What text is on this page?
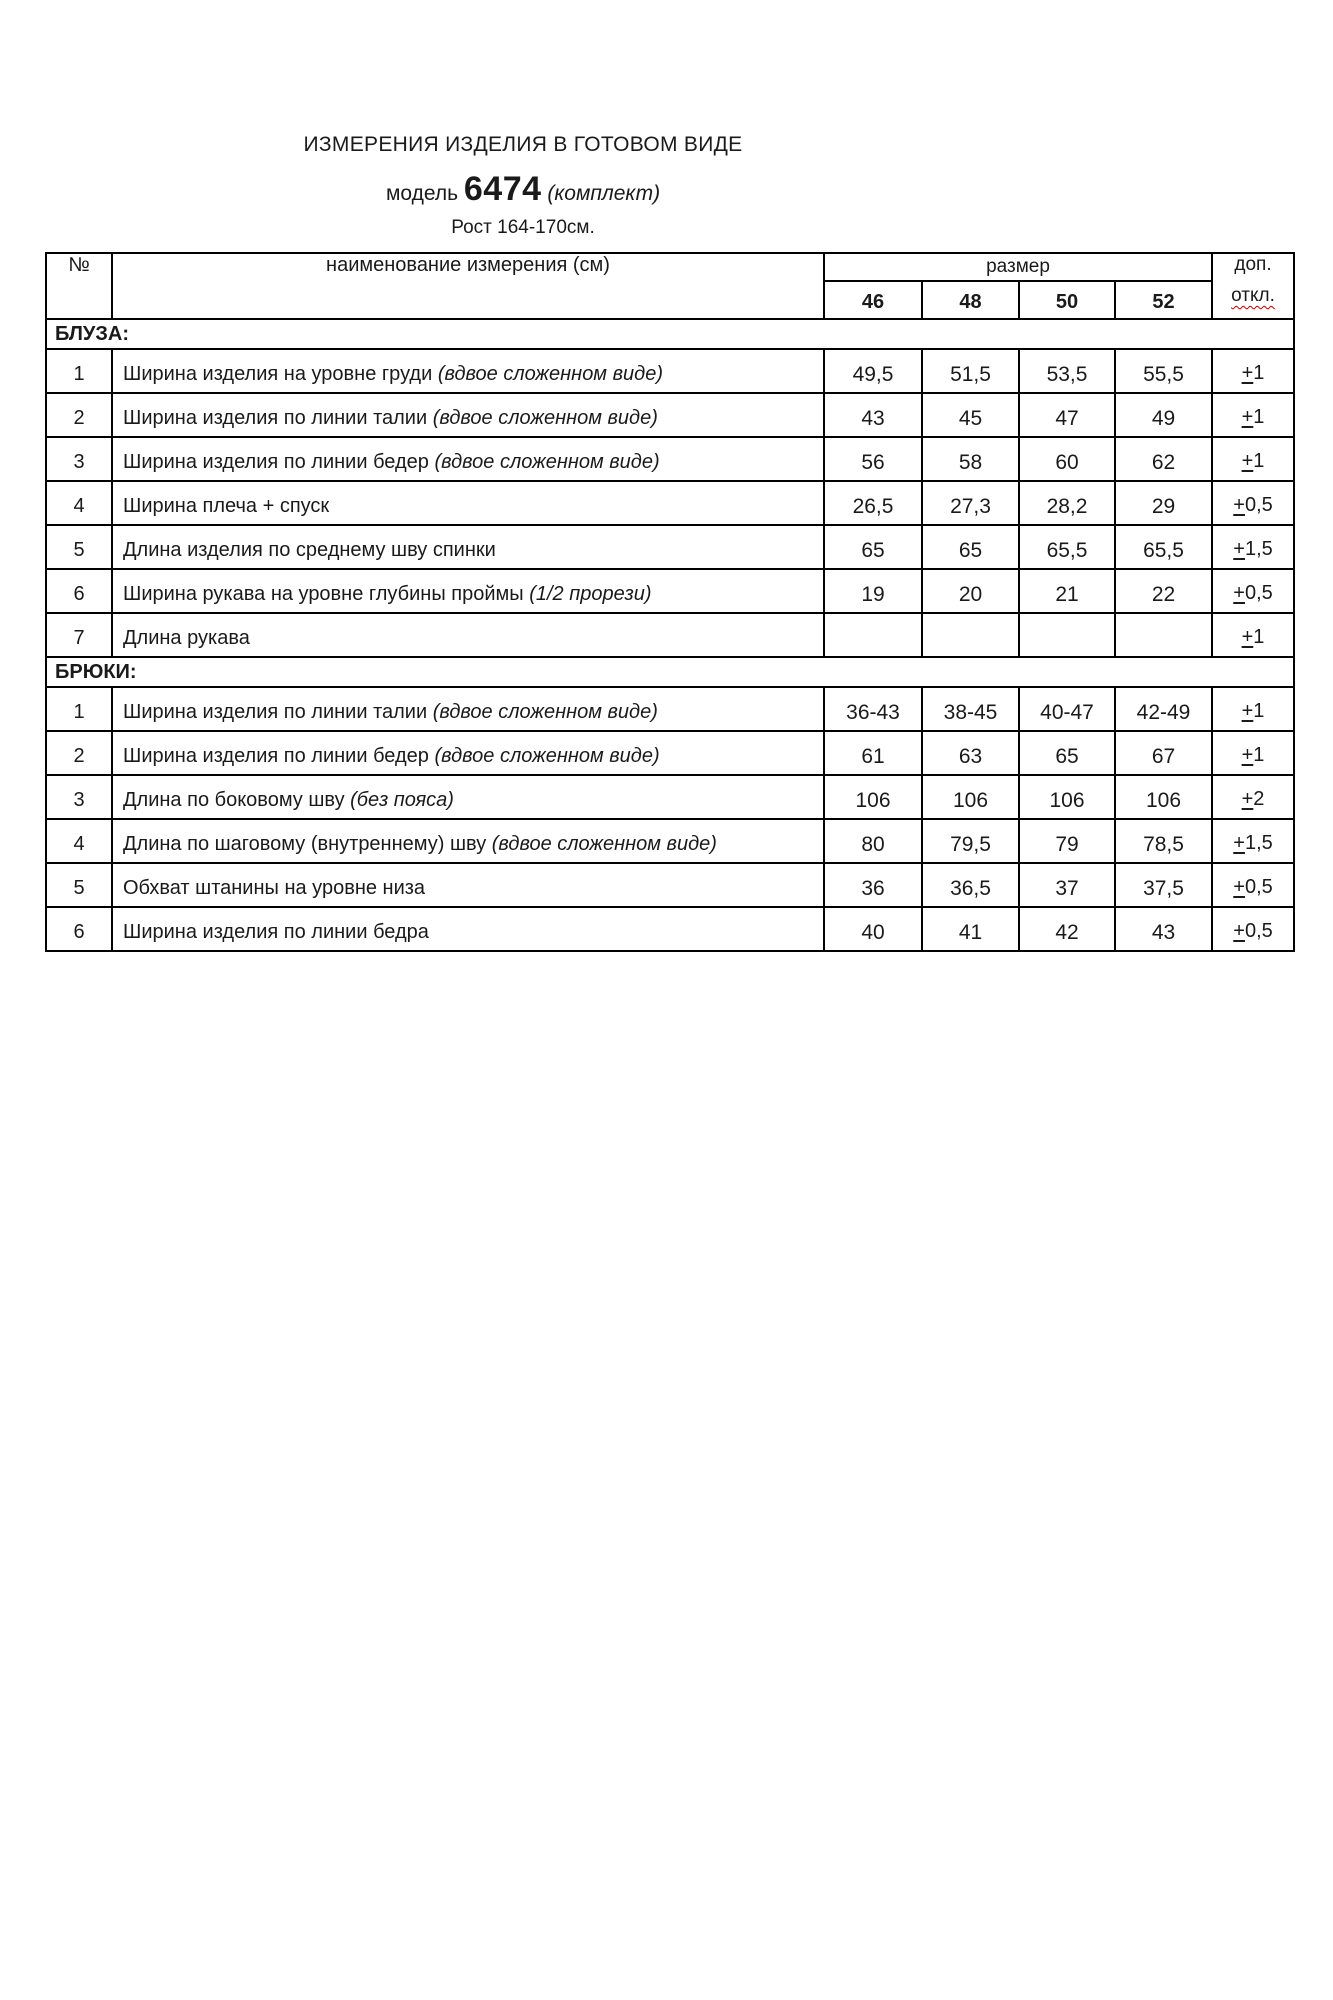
ИЗМЕРЕНИЯ ИЗДЕЛИЯ В ГОТОВОМ ВИДЕ
модель 6474 (комплект)
Рост 164-170см.
№	наименование измерения (см)	размер				доп.
откл.

		46	48	50	52	
БЛУЗА:						
1	Ширина изделия на уровне груди (вдвое сложенном виде)	49,5	51,5	53,5	55,5	+1
2	Ширина изделия по линии талии (вдвое сложенном виде)	43	45	47	49	+1
3	Ширина изделия по линии бедер (вдвое сложенном виде)	56	58	60	62	+1
4	Ширина плеча + спуск	26,5	27,3	28,2	29	+0,5
5	Длина изделия по среднему шву спинки	65	65	65,5	65,5	+1,5
6	Ширина рукава на уровне глубины проймы (1/2 прорези)	19	20	21	22	+0,5
7	Длина рукава					+1
БРЮКИ:						
1	Ширина изделия по линии талии (вдвое сложенном виде)	36-43	38-45	40-47	42-49	+1
2	Ширина изделия по линии бедер (вдвое сложенном виде)	61	63	65	67	+1
3	Длина по боковому шву (без пояса)	106	106	106	106	+2
4	Длина по шаговому (внутреннему) шву (вдвое сложенном виде)	80	79,5	79	78,5	+1,5
5	Обхват штанины на уровне низа	36	36,5	37	37,5	+0,5
6	Ширина изделия по линии бедра	40	41	42	43	+0,5
